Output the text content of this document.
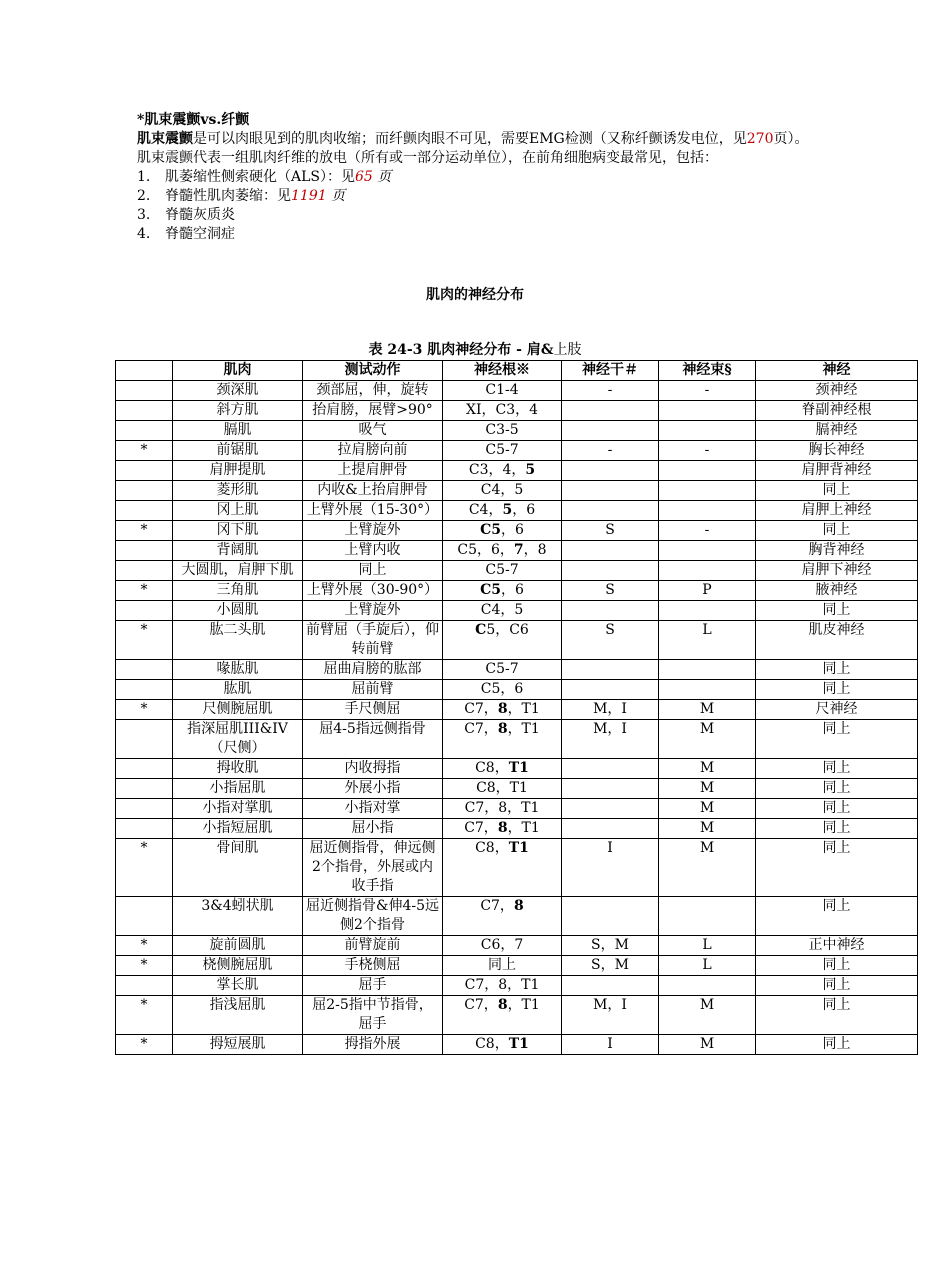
*肌束震颤vs.纤颤

肌束震颤是可以肉眼见到的肌肉收缩；而纤颤肉眼不可见，需要EMG检测（又称纤颤诱发电位，见270页）。

肌束震颤代表一组肌肉纤维的放电（所有或一部分运动单位），在前角细胞病变最常见，包括：

1.	肌萎缩性侧索硬化（ALS）：见65 页
2.	脊髓性肌肉萎缩：见1191 页
3.	脊髓灰质炎
4.	脊髓空洞症
肌肉的神经分布
表 24-3 肌肉神经分布 - 肩&上肢
	肌肉	测试动作	神经根※	神经干＃	神经束§	神经
	颈深肌	颈部屈，伸，旋转	C1-4	-	-	颈神经
	斜方肌	抬肩膀，展臂>90°	XI，C3，4			脊副神经根
	膈肌	吸气	C3-5			膈神经
*	前锯肌	拉肩膀向前	C5-7	-	-	胸长神经
	肩胛提肌	上提肩胛骨	C3，4，5			肩胛背神经
	菱形肌	内收&上抬肩胛骨	C4，5			同上
	冈上肌	上臂外展（15-30°）	C4，5，6			肩胛上神经
*	冈下肌	上臂旋外	C5，6	S	-	同上
	背阔肌	上臂内收	C5，6，7，8			胸背神经
	大圆肌，肩胛下肌	同上	C5-7			肩胛下神经
*	三角肌	上臂外展（30-90°）	C5，6	S	P	腋神经
	小圆肌	上臂旋外	C4，5			同上
*	肱二头肌	前臂屈（手旋后），仰转前臂	C5，C6	S	L	肌皮神经
	喙肱肌	屈曲肩膀的肱部	C5-7			同上
	肱肌	屈前臂	C5，6			同上
*	尺侧腕屈肌	手尺侧屈	C7，8，T1	M，I	M	尺神经
	指深屈肌III&IV（尺侧）	屈4-5指远侧指骨	C7，8，T1	M，I	M	同上
	拇收肌	内收拇指	C8，T1		M	同上
	小指屈肌	外展小指	C8，T1		M	同上
	小指对掌肌	小指对掌	C7，8，T1		M	同上
	小指短屈肌	屈小指	C7，8，T1		M	同上
*	骨间肌	屈近侧指骨，伸远侧2个指骨，外展或内收手指	C8，T1	I	M	同上
	3&4蚓状肌	屈近侧指骨&伸4-5远侧2个指骨	C7，8			同上
*	旋前圆肌	前臂旋前	C6，7	S，M	L	正中神经
*	桡侧腕屈肌	手桡侧屈	同上	S，M	L	同上
	掌长肌	屈手	C7，8，T1			同上
*	指浅屈肌	屈2-5指中节指骨，屈手	C7，8，T1	M，I	M	同上
*	拇短展肌	拇指外展	C8，T1	I	M	同上
